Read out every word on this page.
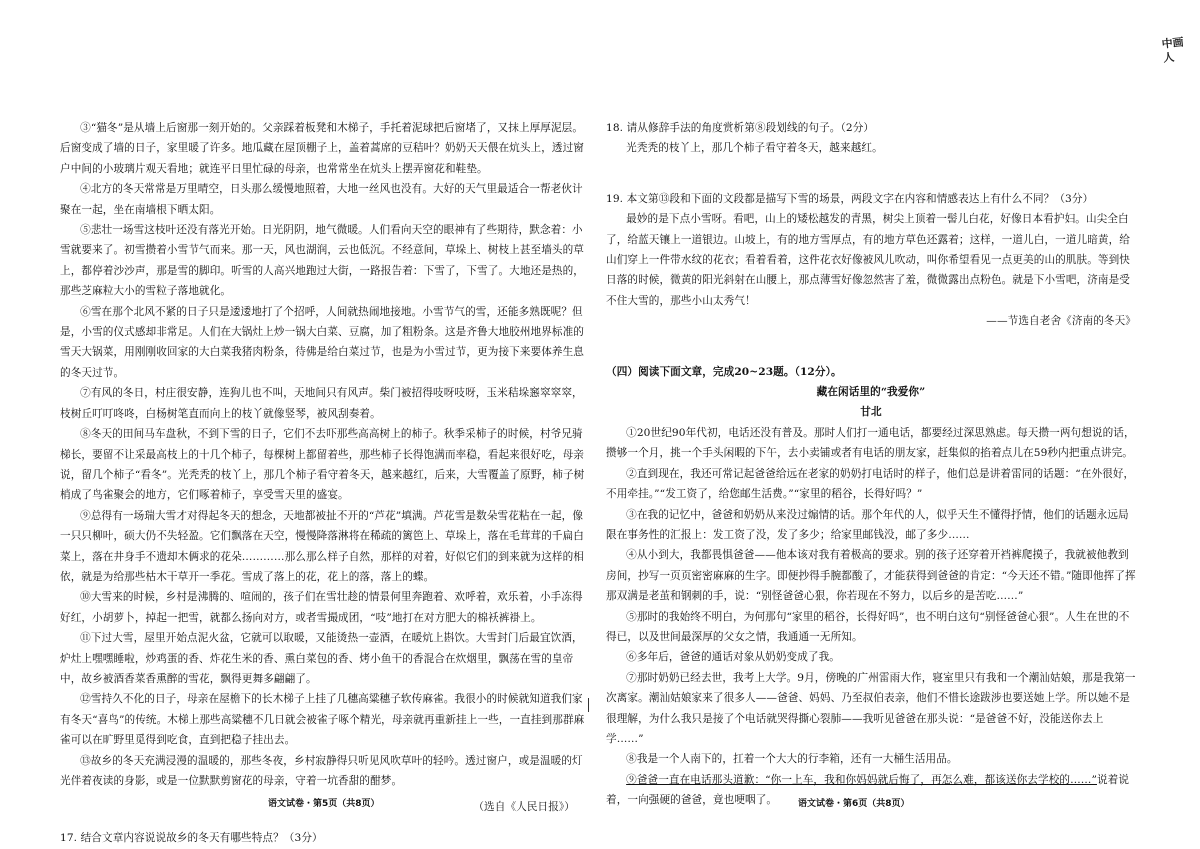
中画
人

③“猫冬”是从墙上后窗那一刻开始的。父亲踩着板凳和木梯子，手托着泥球把后窗堵了，又抹上厚厚泥层。后窗变成了墙的日子，家里暖了许多。地瓜藏在屋顶棚子上，盖着蒿席的豆秸叶？奶奶天天偎在炕头上，透过窗户中间的小玻璃片观天看地；就连平日里忙碌的母亲，也常常坐在炕头上摆弄窗花和鞋垫。

④北方的冬天常常是万里晴空，日头那么缓慢地照着，大地一丝风也没有。大好的天气里最适合一帮老伙计聚在一起，坐在南墙根下晒太阳。

⑤悲壮一场雪这枝叶还没有落光开始。日光阴阴，地气微暖。人们看向天空的眼神有了些期待，默念着：小雪就要来了。初雪攒着小雪节气而来。那一天，风也湖润，云也低沉。不经意间，草垛上、树枝上甚至墙头的草上，都停着沙沙声，那是雪的脚印。听雪的人高兴地跑过大街，一路报告着：下雪了，下雪了。大地还是热的，那些芝麻粒大小的雪粒子落地就化。

⑥雪在那个北风不紧的日子只是逶逶地打了个招呼，人间就热闹地接地。小雪节气的雪，还能多熟既呢？但是，小雪的仪式感却非常足。人们在大锅灶上炒一锅大白菜、豆腐，加了粗粉条。这是齐鲁大地胶州地界标准的雪天大锅菜，用刚刚收回家的大白菜我猪肉粉条，待佛是给白菜过节，也是为小雪过节，更为接下来要体养生息的冬天过节。

⑦有风的冬日，村庄很安静，连狗儿也不叫，天地间只有风声。柴门被招得吱呀吱呀，玉米秸垛窸窣窣窣，枝树丘叮叮咚咚，白杨树笔直而向上的枝丫就像竖琴，被风刮奏着。

⑧冬天的田间马车盘秋，不到下雪的日子，它们不去吓那些高高树上的柿子。秋季采柿子的时候，村爷兄骑梯长，要留不让采最高枝上的十几个柿子，每棵树上都留着些，那些柿子长得饱满而率稳，看起来很好吃，母亲说，留几个柿子“看冬”。光秃秃的枝丫上，那几个柿子看守着冬天，越来越红，后来，大雪覆盖了原野，柿子树梢成了鸟雀聚会的地方，它们啄着柿子，享受雪天里的盛宴。

⑨总得有一场瑞大雪才对得起冬天的想念，天地都被扯不开的“芦花”填满。芦花雪是数朵雪花粘在一起，像一只只柳叶，硕大仍不失轻盈。它们飘落在天空，慢慢降落淋将在稀疏的篱笆上、草垛上，落在毛茸茸的千扁白菜上，落在井身手不遗却木俩求的花朵…………那么那么样子自然，那样的对着，好似它们的到来就为这样的相依，就是为给那些枯木干草开一季花。雪成了落上的花，花上的落，落上的蝶。

⑩大雪来的时候，乡村是沸腾的、喧闹的，孩子们在雪壮趁的情景何里奔跑着、欢呼着，欢乐着，小手冻得好红，小胡萝卜，掉起一把雪，就都么扬向对方，或者雪撮成团，“吱”地打在对方肥大的棉袄裤褂上。

⑪下过大雪，屋里开始点泥火盆，它就可以取暖，又能烫热一壶酒，在暖炕上斟饮。大雪封门后最宜饮酒，炉灶上嘿嘿睡啦，炒鸡蛋的香、炸花生米的香、熏白菜包的香、烤小鱼干的香混合在炊烟里，飘荡在雪的皇帝中，故乡被酒香菜香熏醉的雪花，飘得更舞多翩翩了。

⑫雪持久不化的日子，母亲在屋檐下的长木梯子上挂了几穗高粱穗子软传麻雀。我很小的时候就知道我们家有冬天“喜鸟”的传统。木梯上那些高粱穗不几日就会被雀子啄个精光，母亲就再重新挂上一些，一直挂到那群麻雀可以在旷野里觅得到吃食，直到把稳子挂出去。

⑬故乡的冬天充满浸漫的温暖的，那些冬夜，乡村寂静得只听见风吹草叶的轻吟。透过窗户，或是温暖的灯光伴着夜读的身影，或是一位默默剪窗花的母亲，守着一坑香甜的酣梦。

（选自《人民日报》）

17. 结合文章内容说说故乡的冬天有哪些特点？（3分）

语文试卷・第5页（共8页）

18. 请从修辞手法的角度赏析第⑧段划线的句子。（2分）

光秃秃的枝丫上，那几个柿子看守着冬天，越来越红。

19. 本文第⑬段和下面的文段都是描写下雪的场景，两段文字在内容和情感表达上有什么不同？（3分）

最妙的是下点小雪呀。看吧，山上的矮松越发的青黑，树尖上顶着一髻儿白花，好像日本看护妇。山尖全白了，给蓝天镶上一道银边。山坡上，有的地方雪厚点，有的地方草色还露着；这样，一道儿白，一道儿暗黄，给山们穿上一件带水纹的花衣；看着看着，这件花衣好像被风儿吹动，叫你希望看见一点更美的山的肌肤。等到快日落的时候，微黄的阳光斜射在山腰上，那点薄雪好像忽然害了羞，微微露出点粉色。就是下小雪吧，济南是受不住大雪的，那些小山太秀气！

——节选自老舍《济南的冬天》

（四）阅读下面文章，完成20~23题。（12分）。

藏在闲话里的“我爱你”

甘北

①20世纪90年代初，电话还没有普及。那时人们打一通电话，都要经过深思熟虑。每天攒一两句想说的话，攒够一个月，挑一个手头闲暇的下午，去小卖铺或者有电话的朋友家，赶集似的掐着点儿在59秒内把重点讲完。

②直到现在，我还可常记起爸爸给远在老家的奶奶打电话时的样子，他们总是讲着雷同的话题：“在外很好，不用牵挂。”“发工资了，给您邮生活费。”“家里的稻谷，长得好吗？”

③在我的记忆中，爸爸和奶奶从来没过煽情的话。那个年代的人，似乎天生不懂得抒情，他们的话题永远局限在事务性的汇报上：发工资了没，发了多少；给家里邮钱没，邮了多少……

④从小到大，我都畏惧爸爸——他本该对我有着极高的要求。别的孩子还穿着开裆裤爬摸子，我就被他教到房间，抄写一页页密密麻麻的生字。即便抄得手腕都酸了，才能获得到爸爸的肯定：“今天还不错。”随即他挥了挥那双满是老茧和钢刺的手，说：“别怪爸爸心狠，你若现在不努力，以后乡的是苦吃……”

⑤那时的我始终不明白，为何那句“家里的稻谷，长得好吗”，也不明白这句“别怪爸爸心狠”。人生在世的不得已，以及世间最深厚的父女之情，我通通一无所知。

⑥多年后，爸爸的通话对象从奶奶变成了我。

⑦那时奶奶已经去世，我考上大学。9月，傍晚的广州雷雨大作，寝室里只有我和一个潮汕姑娘，那是我第一次离家。潮汕姑娘家来了很多人——爸爸、妈妈、乃至叔伯表亲，他们不惜长途跋涉也要送她上学。所以她不是很理解，为什么我只是接了个电话就哭得撕心裂肺——我听见爸爸在那头说：“是爸爸不好，没能送你去上学……”

⑧我是一个人南下的，扛着一个大大的行李箱，还有一大桶生活用品。

⑨爸爸一直在电话那头道歉：“你一上车，我和你妈妈就后悔了，再怎么难，都该送你去学校的……”说着说着，一向强硬的爸爸，竟也哽咽了。	语文试卷・第6页（共8页）
